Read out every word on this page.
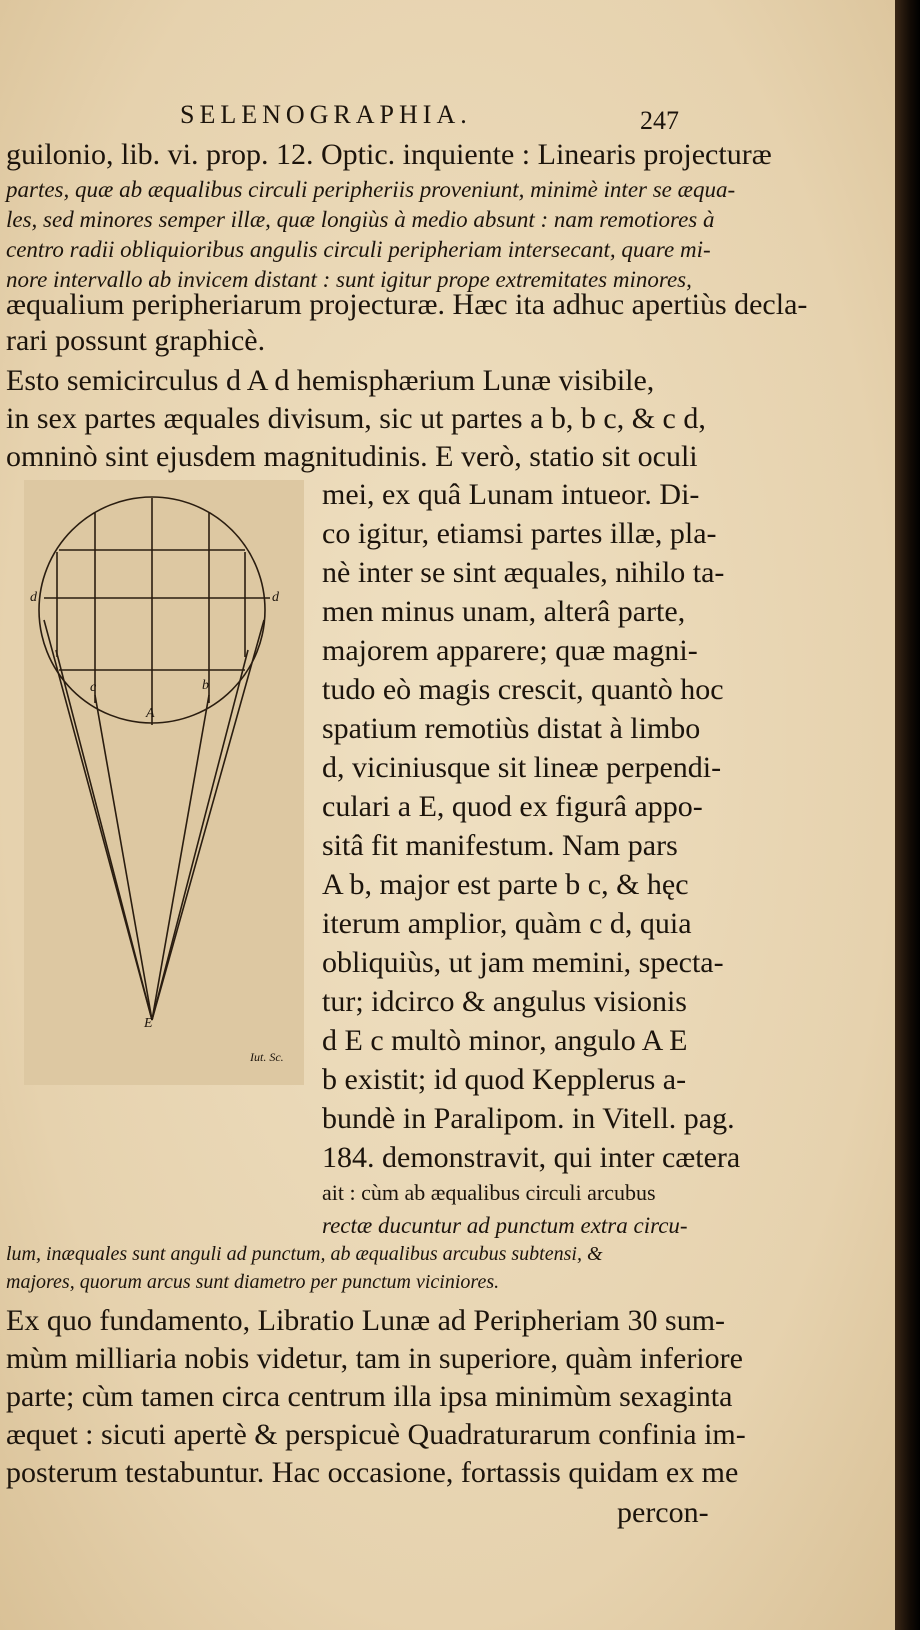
SELENOGRAPHIA.	247
guilonio, lib. vi. prop. 12. Optic. inquiente : Linearis projecturæ
partes, quæ ab æqualibus circuli peripheriis proveniunt, minimè inter se æqua-
les, sed minores semper illæ, quæ longiùs à medio absunt : nam remotiores à
centro radii obliquioribus angulis circuli peripheriam intersecant, quare mi-
nore intervallo ab invicem distant : sunt igitur prope extremitates minores,
æqualium peripheriarum projecturæ. Hæc ita adhuc apertiùs decla-
rari possunt graphicè.
Esto semicirculus d A d hemisphærium Lunæ visibile,
in sex partes æquales divisum, sic ut partes a b, b c, & c d,
omninò sint ejusdem magnitudinis. E verò, statio sit oculi
d	d
A
b
c
E
Iut. Sc.
mei, ex quâ Lunam intueor. Di-
co igitur, etiamsi partes illæ, pla-
nè inter se sint æquales, nihilo ta-
men minus unam, alterâ parte,
majorem apparere; quæ magni-
tudo eò magis crescit, quantò hoc
spatium remotiùs distat à limbo
d, viciniusque sit lineæ perpendi-
culari a E, quod ex figurâ appo-
sitâ fit manifestum. Nam pars
A b, major est parte b c, & hęc
iterum amplior, quàm c d, quia
obliquiùs, ut jam memini, specta-
tur; idcirco & angulus visionis
d E c multò minor, angulo A E
b existit; id quod Kepplerus a-
bundè in Paralipom. in Vitell. pag.
184. demonstravit, qui inter cætera
ait : cùm ab æqualibus circuli arcubus
rectæ ducuntur ad punctum extra circu-
lum, inæquales sunt anguli ad punctum, ab æqualibus arcubus subtensi, &
majores, quorum arcus sunt diametro per punctum viciniores.
Ex quo fundamento, Libratio Lunæ ad Peripheriam 30 sum-
mùm milliaria nobis videtur, tam in superiore, quàm inferiore
parte; cùm tamen circa centrum illa ipsa minimùm sexaginta
æquet : sicuti apertè & perspicuè Quadraturarum confinia im-
posterum testabuntur. Hac occasione, fortassis quidam ex me
percon-
